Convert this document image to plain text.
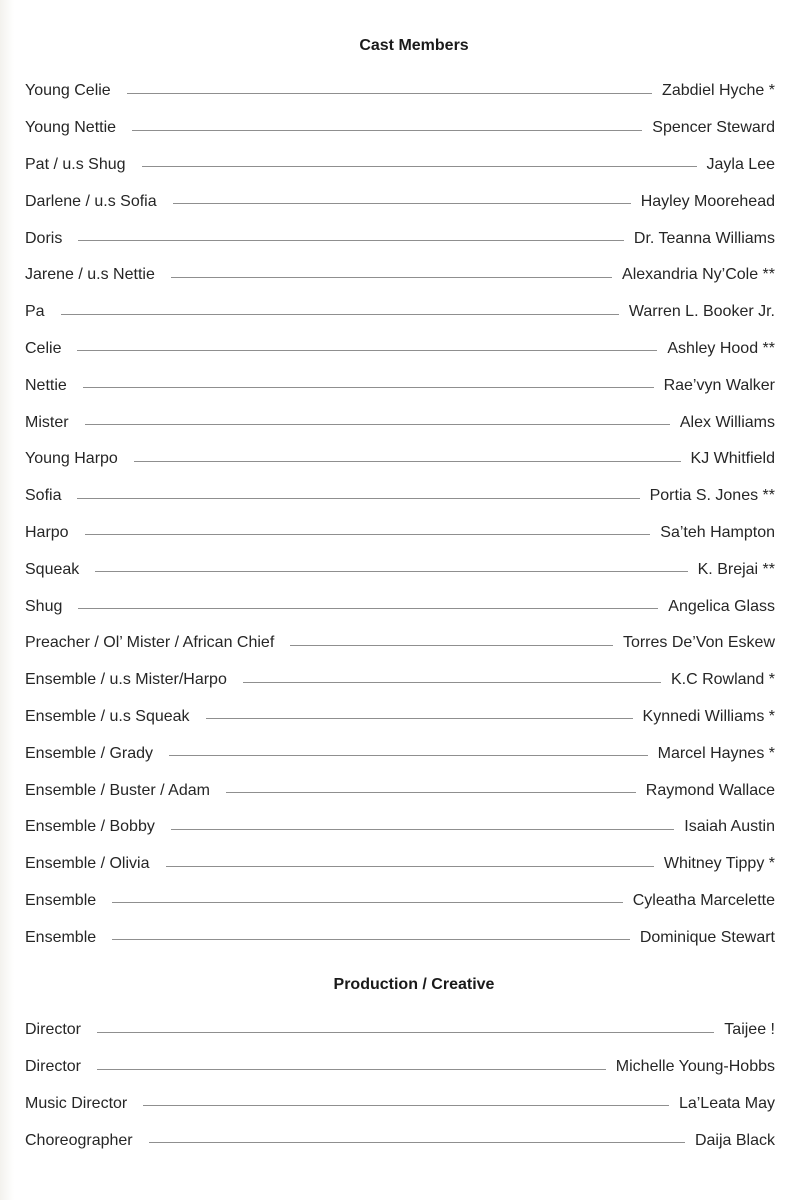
Cast Members
Young Celie	Zabdiel Hyche *
Young Nettie	Spencer Steward
Pat / u.s Shug	Jayla Lee
Darlene / u.s Sofia	Hayley Moorehead
Doris	Dr. Teanna Williams
Jarene / u.s Nettie	Alexandria Ny’Cole **
Pa	Warren L. Booker Jr.
Celie	Ashley Hood **
Nettie	Rae’vyn Walker
Mister	Alex Williams
Young Harpo	KJ Whitfield
Sofia	Portia S. Jones **
Harpo	Sa’teh Hampton
Squeak	K. Brejai **
Shug	Angelica Glass
Preacher / Ol’ Mister / African Chief	Torres De’Von Eskew
Ensemble / u.s Mister/Harpo	K.C Rowland *
Ensemble / u.s Squeak	Kynnedi Williams *
Ensemble / Grady	Marcel Haynes *
Ensemble / Buster / Adam	Raymond Wallace
Ensemble / Bobby	Isaiah Austin
Ensemble / Olivia	Whitney Tippy *
Ensemble	Cyleatha Marcelette
Ensemble	Dominique Stewart
Production / Creative
Director	Taijee !
Director	Michelle Young-Hobbs
Music Director	La’Leata May
Choreographer	Daija Black
